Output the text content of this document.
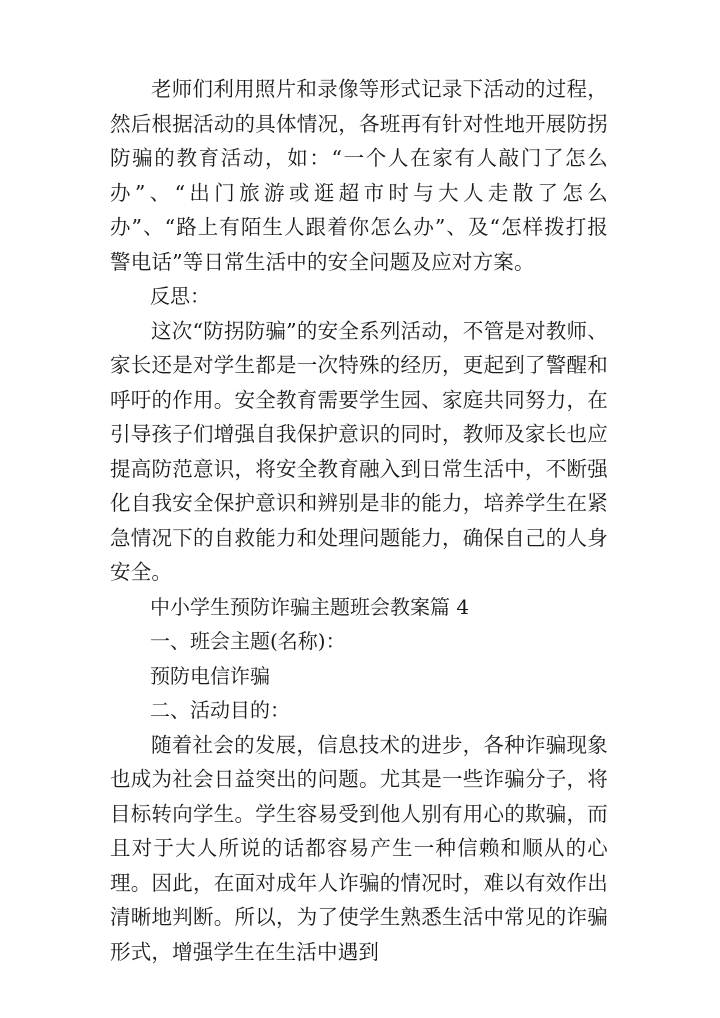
老师们利用照片和录像等形式记录下活动的过程，然后根据活动的具体情况，各班再有针对性地开展防拐防骗的教育活动，如：“一个人在家有人敲门了怎么办”、“出门旅游或逛超市时与大人走散了怎么办”、“路上有陌生人跟着你怎么办”、及“怎样拨打报警电话”等日常生活中的安全问题及应对方案。

反思：

这次“防拐防骗”的安全系列活动，不管是对教师、家长还是对学生都是一次特殊的经历，更起到了警醒和呼吁的作用。安全教育需要学生园、家庭共同努力，在引导孩子们增强自我保护意识的同时，教师及家长也应提高防范意识，将安全教育融入到日常生活中，不断强化自我安全保护意识和辨别是非的能力，培养学生在紧急情况下的自救能力和处理问题能力，确保自己的人身安全。

中小学生预防诈骗主题班会教案篇 4

一、班会主题(名称)：

预防电信诈骗

二、活动目的：

随着社会的发展，信息技术的进步，各种诈骗现象也成为社会日益突出的问题。尤其是一些诈骗分子，将目标转向学生。学生容易受到他人别有用心的欺骗，而且对于大人所说的话都容易产生一种信赖和顺从的心理。因此，在面对成年人诈骗的情况时，难以有效作出清晰地判断。所以，为了使学生熟悉生活中常见的诈骗形式，增强学生在生活中遇到
